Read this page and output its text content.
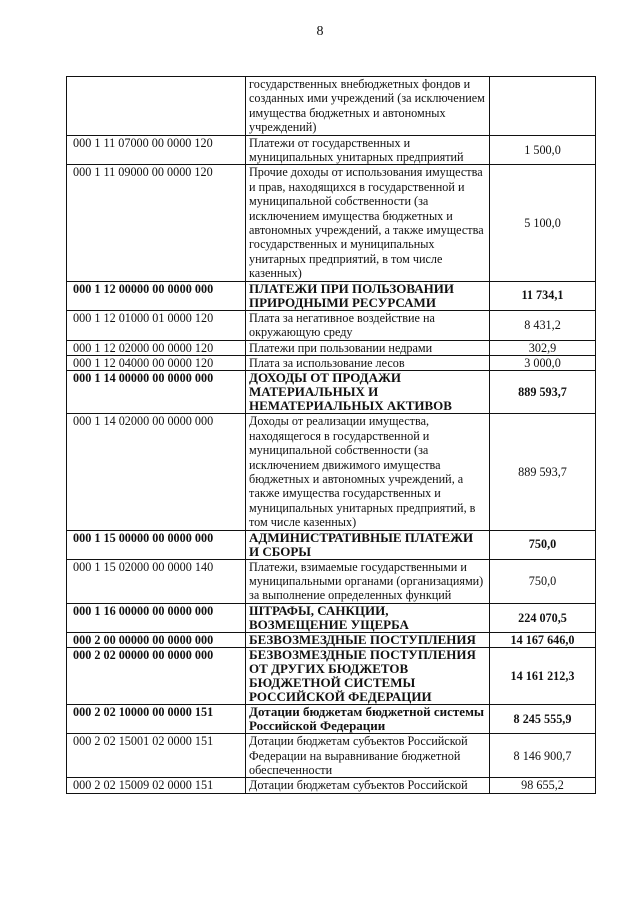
8
	государственных внебюджетных фондов и созданных ими учреждений (за исключением имущества бюджетных и автономных учреждений)	
000 1 11 07000 00 0000 120	Платежи от государственных и муниципальных унитарных предприятий	1 500,0
000 1 11 09000 00 0000 120	Прочие доходы от использования имущества и прав, находящихся в государственной и муниципальной собственности (за исключением имущества бюджетных и автономных учреждений, а также имущества государственных и муниципальных унитарных предприятий, в том числе казенных)	5 100,0
000 1 12 00000 00 0000 000	ПЛАТЕЖИ ПРИ ПОЛЬЗОВАНИИ ПРИРОДНЫМИ РЕСУРСАМИ	11 734,1
000 1 12 01000 01 0000 120	Плата за негативное воздействие на окружающую среду	8 431,2
000 1 12 02000 00 0000 120	Платежи при пользовании недрами	302,9
000 1 12 04000 00 0000 120	Плата за использование лесов	3 000,0
000 1 14 00000 00 0000 000	ДОХОДЫ ОТ ПРОДАЖИ МАТЕРИАЛЬНЫХ И НЕМАТЕРИАЛЬНЫХ АКТИВОВ	889 593,7
000 1 14 02000 00 0000 000	Доходы от реализации имущества, находящегося в государственной и муниципальной собственности (за исключением движимого имущества бюджетных и автономных учреждений, а также имущества государственных и муниципальных унитарных предприятий, в том числе казенных)	889 593,7
000 1 15 00000 00 0000 000	АДМИНИСТРАТИВНЫЕ ПЛАТЕЖИ И СБОРЫ	750,0
000 1 15 02000 00 0000 140	Платежи, взимаемые государственными и муниципальными органами (организациями) за выполнение определенных функций	750,0
000 1 16 00000 00 0000 000	ШТРАФЫ, САНКЦИИ, ВОЗМЕЩЕНИЕ УЩЕРБА	224 070,5
000 2 00 00000 00 0000 000	БЕЗВОЗМЕЗДНЫЕ ПОСТУПЛЕНИЯ	14 167 646,0
000 2 02 00000 00 0000 000	БЕЗВОЗМЕЗДНЫЕ ПОСТУПЛЕНИЯ ОТ ДРУГИХ БЮДЖЕТОВ БЮДЖЕТНОЙ СИСТЕМЫ РОССИЙСКОЙ ФЕДЕРАЦИИ	14 161 212,3
000 2 02 10000 00 0000 151	Дотации бюджетам бюджетной системы Российской Федерации	8 245 555,9
000 2 02 15001 02 0000 151	Дотации бюджетам субъектов Российской Федерации на выравнивание бюджетной обеспеченности	8 146 900,7
000 2 02 15009 02 0000 151	Дотации бюджетам субъектов Российской	98 655,2
